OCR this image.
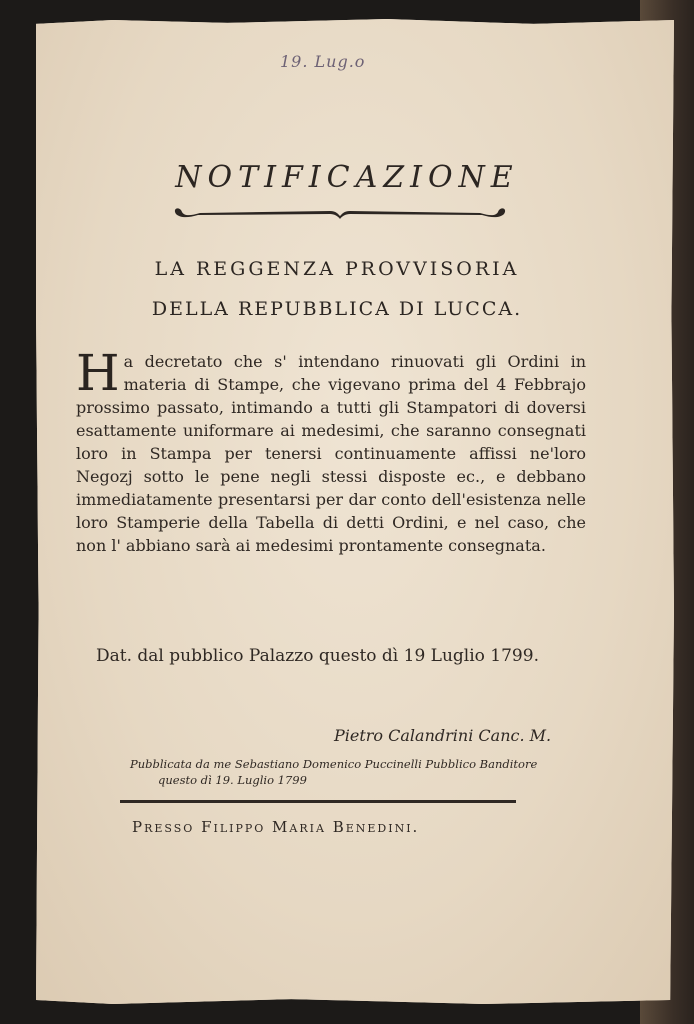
19. Lug.o
NOTIFICAZIONE
LA REGGENZA PROVVISORIA
DELLA REPUBBLICA DI LUCCA.
Ha decretato che s' intendano rinuovati gli Ordini in materia di Stampe, che vigevano prima del 4 Febbrajo prossimo passato, intimando a tutti gli Stampatori di doversi esattamente uniformare ai medesimi, che saranno consegnati loro in Stampa per tenersi continuamente affissi ne'loro Negozj sotto le pene negli stessi disposte ec., e debbano immediatamente presentarsi per dar conto dell'esistenza nelle loro Stamperie della Tabella di detti Ordini, e nel caso, che non l' abbiano sarà ai medesimi prontamente consegnata.
Dat. dal pubblico Palazzo questo dì 19 Luglio 1799.
Pietro Calandrini Canc. M.
Pubblicata da me Sebastiano Domenico Puccinelli Pubblico Banditore
questo dì 19. Luglio 1799
Presso Filippo Maria Benedini.
